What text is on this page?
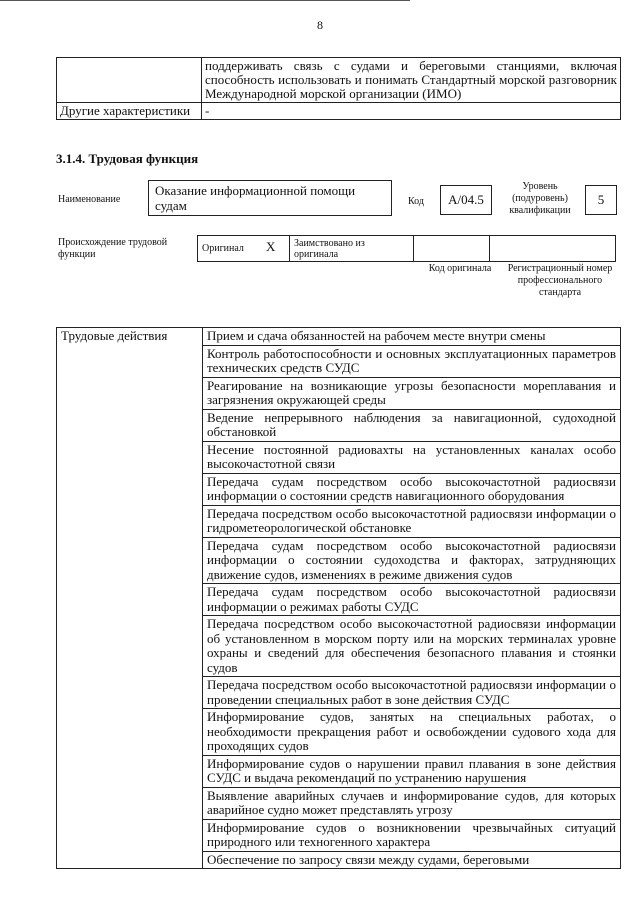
8
	поддерживать связь с судами и береговыми станциями, включая способность использовать и понимать Стандартный морской разговорник Международной морской организации (ИМО)
Другие характеристики	-
3.1.4. Трудовая функция
Наименование
Оказание информационной помощи судам	Код	A/04.5
Уровень (подуровень) квалификации
5
Происхождение трудовой функции
Оригинал X	Заимствовано из оригинала		
Код оригинала	Регистрационный номер профессионального стандарта
Трудовые действия	Прием и сдача обязанностей на рабочем месте внутри смены
Контроль работоспособности и основных эксплуатационных параметров технических средств СУДС
Реагирование на возникающие угрозы безопасности мореплавания и загрязнения окружающей среды
Ведение непрерывного наблюдения за навигационной, судоходной обстановкой
Несение постоянной радиовахты на установленных каналах особо высокочастотной связи
Передача судам посредством особо высокочастотной радиосвязи информации о состоянии средств навигационного оборудования
Передача посредством особо высокочастотной радиосвязи информации о гидрометеорологической обстановке
Передача судам посредством особо высокочастотной радиосвязи информации о состоянии судоходства и факторах, затрудняющих движение судов, изменениях в режиме движения судов
Передача судам посредством особо высокочастотной радиосвязи информации о режимах работы СУДС
Передача посредством особо высокочастотной радиосвязи информации об установленном в морском порту или на морских терминалах уровне охраны и сведений для обеспечения безопасного плавания и стоянки судов
Передача посредством особо высокочастотной радиосвязи информации о проведении специальных работ в зоне действия СУДС
Информирование судов, занятых на специальных работах, о необходимости прекращения работ и освобождении судового хода для проходящих судов
Информирование судов о нарушении правил плавания в зоне действия СУДС и выдача рекомендаций по устранению нарушения
Выявление аварийных случаев и информирование судов, для которых аварийное судно может представлять угрозу
Информирование судов о возникновении чрезвычайных ситуаций природного или техногенного характера
Обеспечение по запросу связи между судами, береговыми
